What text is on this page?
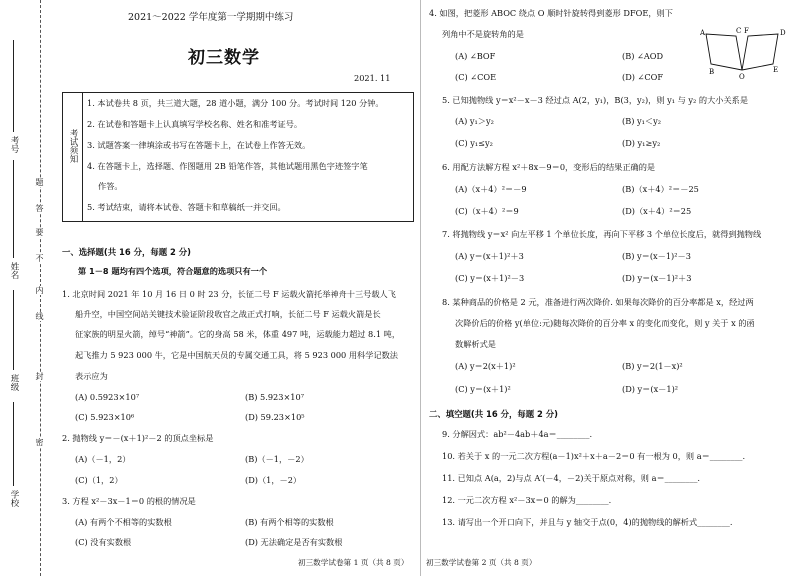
考号
姓名
班级
学校
密
封
线
内
不
要
答
题
2021～2022 学年度第一学期期中练习
初三数学
2021. 11
考试须知
1. 本试卷共 8 页，共三道大题，28 道小题，满分 100 分。考试时间 120 分钟。
2. 在试卷和答题卡上认真填写学校名称、姓名和准考证号。
3. 试题答案一律填涂或书写在答题卡上，在试卷上作答无效。
4. 在答题卡上，选择题、作图题用 2B 铅笔作答，其他试题用黑色字迹签字笔
作答。
5. 考试结束，请将本试卷、答题卡和草稿纸一并交回。
一、选择题(共 16 分，每题 2 分)
第 1－8 题均有四个选项，符合题意的选项只有一个
1. 北京时间 2021 年 10 月 16 日 0 时 23 分，长征二号 F 运载火箭托举神舟十三号载人飞
船升空，中国空间站关键技术验证阶段收官之战正式打响，长征二号 F 运载火箭是长
征家族的明星火箭，绰号“神箭”。它的身高 58 米，体重 497 吨，运载能力超过 8.1 吨，
起飞推力 5 923 000 牛，它是中国航天员的专属交通工具，将 5 923 000 用科学记数法
表示应为
(A) 0.5923×10⁷	(B) 5.923×10⁷
(C) 5.923×10⁶	(D) 59.23×10⁵
2. 抛物线 y＝－(x＋1)²－2 的顶点坐标是
(A)（－1，2）	(B)（－1，－2）
(C)（1，2）	(D)（1，－2）
3. 方程 x²－3x－1＝0 的根的情况是
(A) 有两个不相等的实数根	(B) 有两个相等的实数根
(C) 没有实数根	(D) 无法确定是否有实数根
初三数学试卷第 1 页（共 8 页）
4. 如图，把菱形 ABOC 绕点 O 顺时针旋转得到菱形 DFOE，则下
列角中不是旋转角的是
(A) ∠BOF	(B) ∠AOD
(C) ∠COE	(D) ∠COF
A	C F	D
B
O
E
5. 已知抛物线 y＝x²－x－3 经过点 A(2，y₁)，B(3，y₂)，则 y₁ 与 y₂ 的大小关系是
(A) y₁＞y₂	(B) y₁＜y₂
(C) y₁≤y₂	(D) y₁≥y₂
6. 用配方法解方程 x²＋8x－9＝0，变形后的结果正确的是
(A)（x＋4）²＝－9	(B)（x＋4）²＝－25
(C)（x＋4）²＝9	(D)（x＋4）²＝25
7. 将抛物线 y＝x² 向左平移 1 个单位长度，再向下平移 3 个单位长度后，就得到抛物线
(A) y＝(x＋1)²＋3	(B) y＝(x－1)²－3
(C) y＝(x＋1)²－3	(D) y＝(x－1)²＋3
8. 某种商品的价格是 2 元，准备进行两次降价. 如果每次降价的百分率都是 x，经过两
次降价后的价格 y(单位:元)随每次降价的百分率 x 的变化而变化，则 y 关于 x 的函
数解析式是
(A) y＝2(x＋1)²	(B) y＝2(1－x)²
(C) y＝(x＋1)²	(D) y＝(x－1)²
二、填空题(共 16 分，每题 2 分)
9. 分解因式：ab²－4ab＋4a＝________.
10. 若关于 x 的一元二次方程(a－1)x²＋x＋a－2＝0 有一根为 0，则 a＝________.
11. 已知点 A(a，2)与点 A′(－4，－2)关于原点对称，则 a＝________.
12. 一元二次方程 x²－3x＝0 的解为________.
13. 请写出一个开口向下，并且与 y 轴交于点(0，4)的抛物线的解析式________.
初三数学试卷第 2 页（共 8 页）
